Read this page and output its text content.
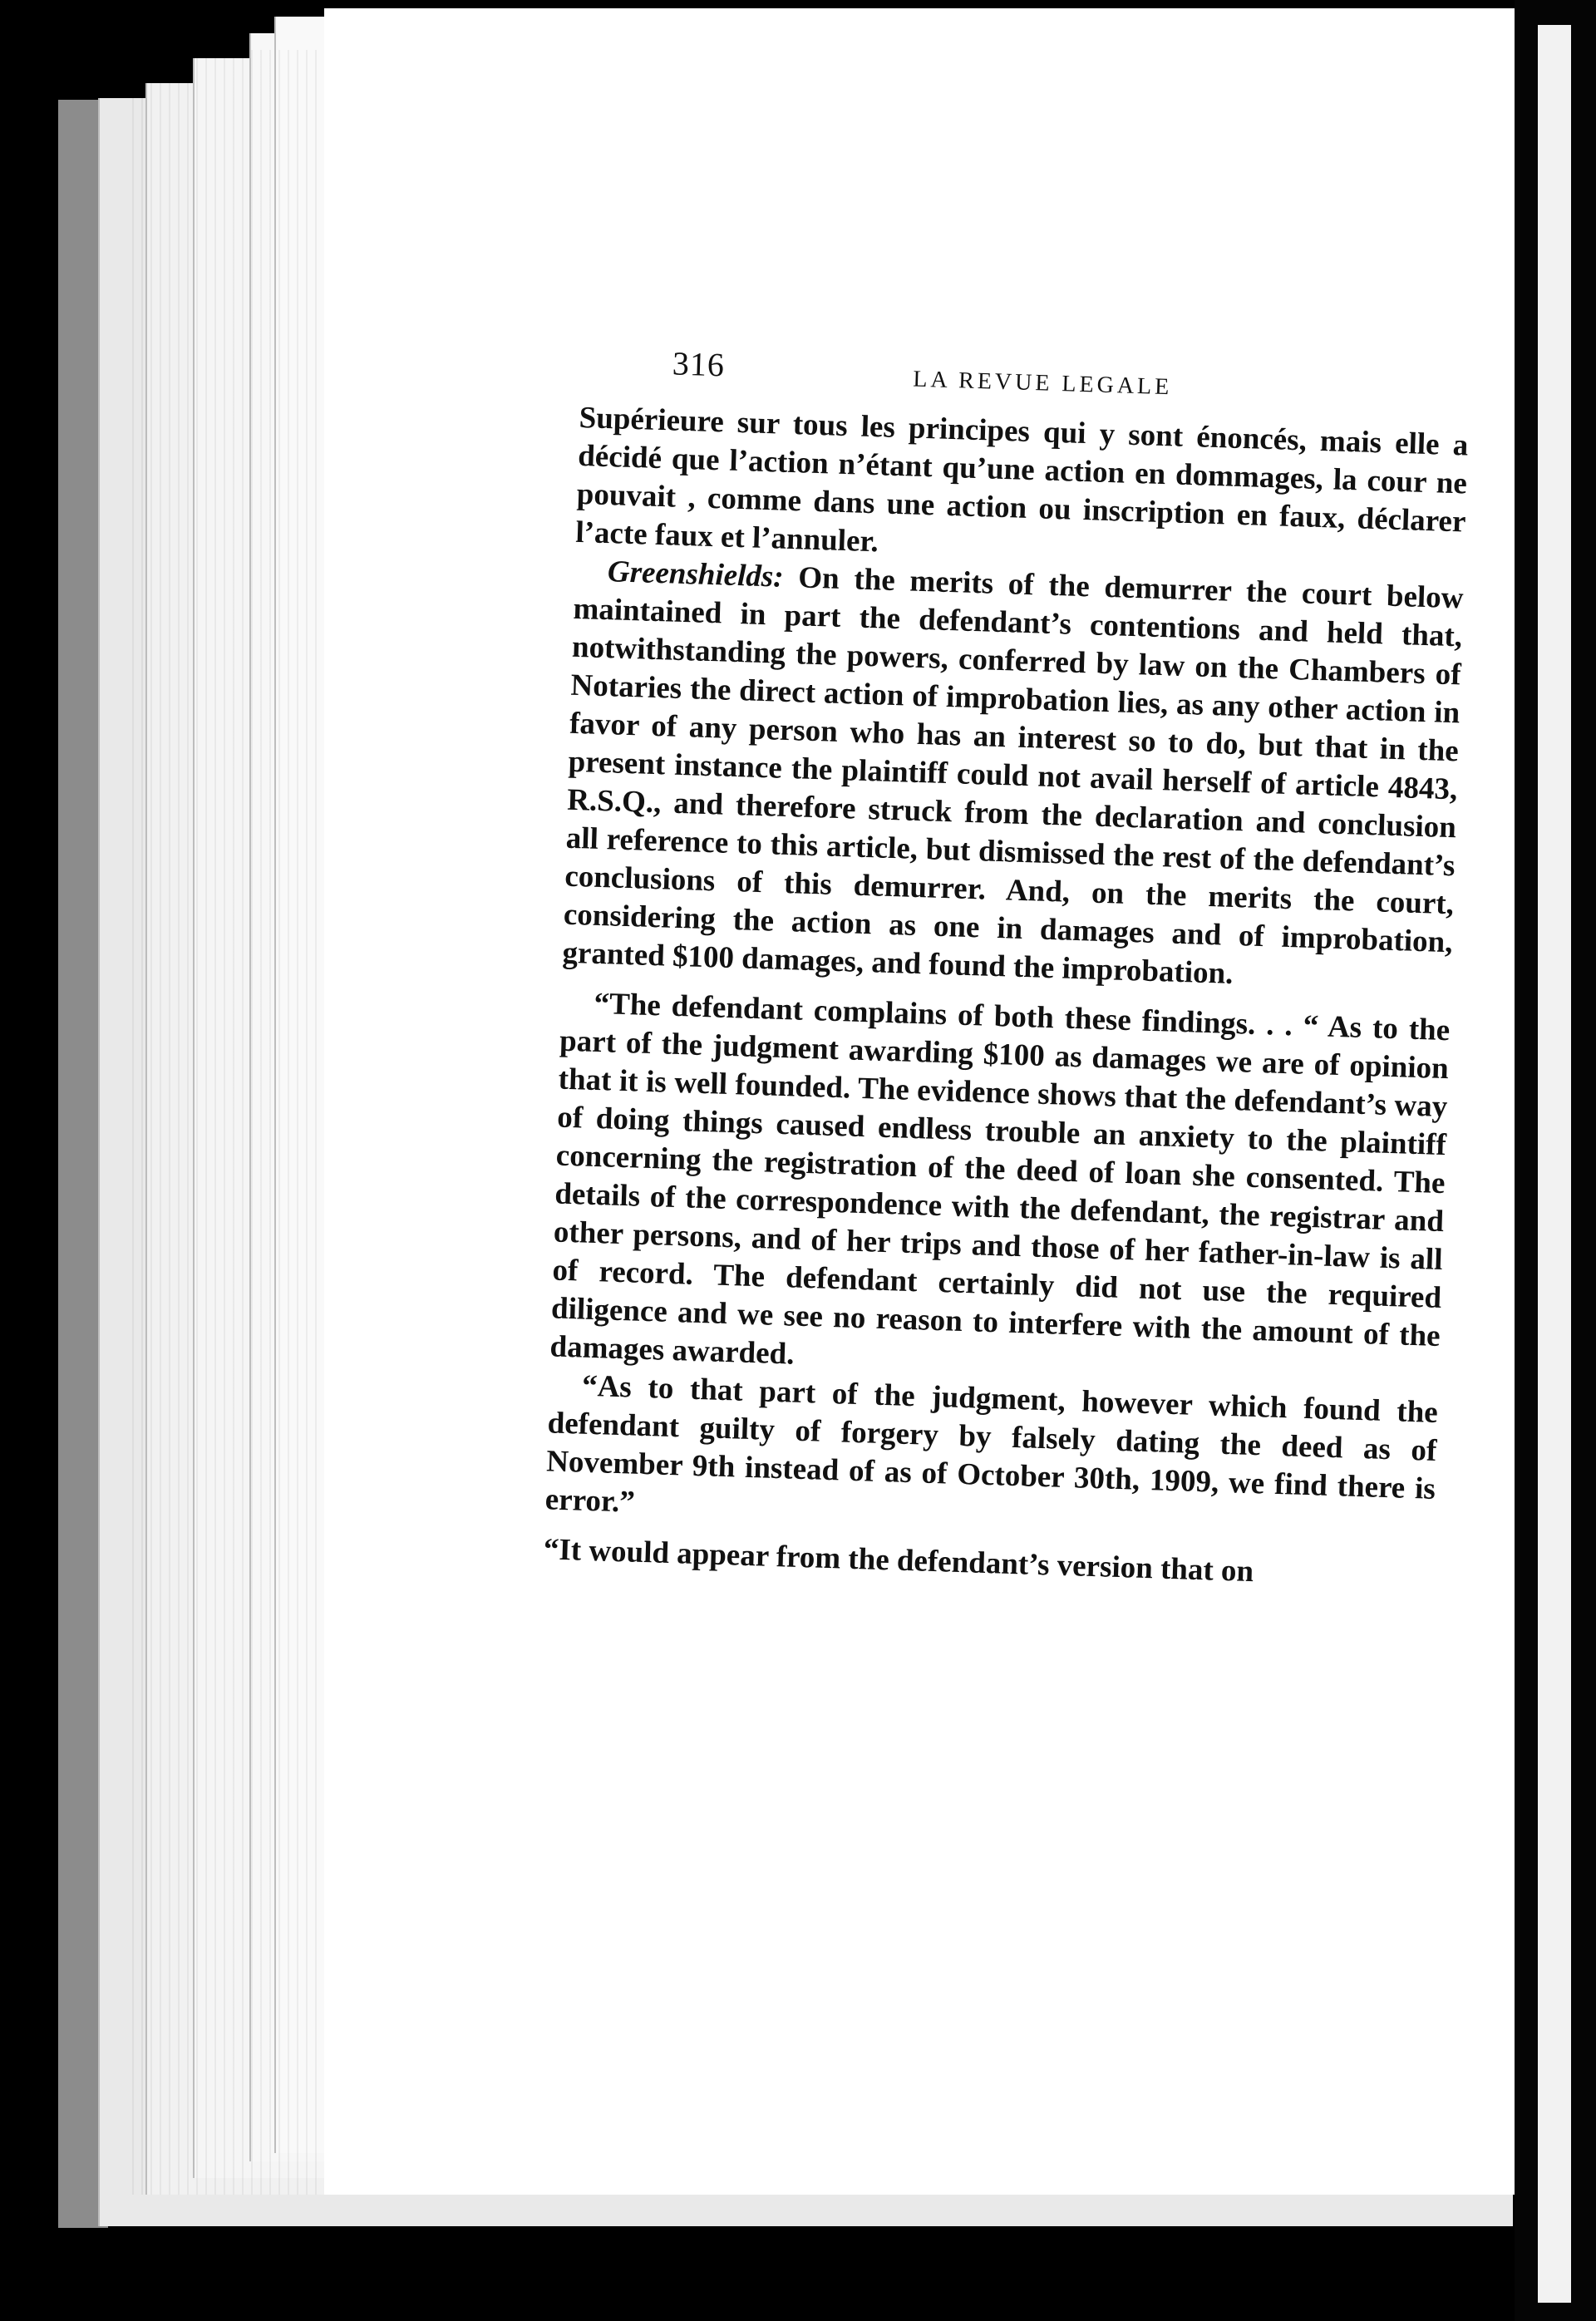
316	LA REVUE LEGALE

Supérieure sur tous les principes qui y sont énoncés, mais elle a décidé que l’action n’étant qu’une action en dommages, la cour ne pouvait , comme dans une action ou inscription en faux, déclarer l’acte faux et l’annuler.

Greenshields: On the merits of the demurrer the court below maintained in part the defendant’s contentions and held that, notwithstanding the powers, conferred by law on the Chambers of Notaries the direct action of improbation lies, as any other action in favor of any person who has an interest so to do, but that in the present instance the plaintiff could not avail herself of article 4843, R.S.Q., and therefore struck from the declaration and conclusion all reference to this article, but dismissed the rest of the defendant’s conclusions of this demurrer. And, on the merits the court, considering the action as one in damages and of improbation, granted $100 damages, and found the improbation.

“The defendant complains of both these findings. . . “ As to the part of the judgment awarding $100 as damages we are of opinion that it is well founded. The evidence shows that the defendant’s way of doing things caused endless trouble an anxiety to the plaintiff concerning the registration of the deed of loan she consented. The details of the correspondence with the defendant, the registrar and other persons, and of her trips and those of her father-in-law is all of record. The defendant certainly did not use the required diligence and we see no reason to interfere with the amount of the damages awarded.

“As to that part of the judgment, however which found the defendant guilty of forgery by falsely dating the deed as of November 9th instead of as of October 30th, 1909, we find there is error.”

“It would appear from the defendant’s version that on
